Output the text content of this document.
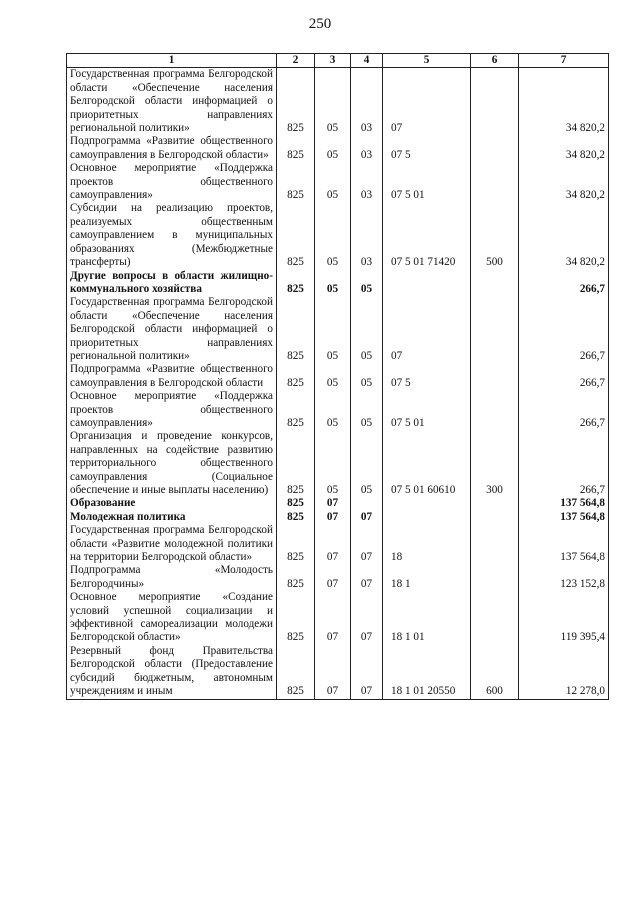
250
1	2	3	4	5	6	7
Государственная программа Белгородской области «Обеспечение населения Белгородской области информацией о приоритетных направлениях региональной политики»	825	05	03	07		34 820,2
Подпрограмма «Развитие общественного самоуправления в Белгородской области»	825	05	03	07 5		34 820,2
Основное мероприятие «Поддержка проектов общественного самоуправления»	825	05	03	07 5 01		34 820,2
Субсидии на реализацию проектов, реализуемых общественным самоуправлением в муниципальных образованиях (Межбюджетные трансферты)	825	05	03	07 5 01 71420	500	34 820,2
Другие вопросы в области жилищно-коммунального хозяйства	825	05	05			266,7
Государственная программа Белгородской области «Обеспечение населения Белгородской области информацией о приоритетных направлениях региональной политики»	825	05	05	07		266,7
Подпрограмма «Развитие общественного самоуправления в Белгородской области	825	05	05	07 5		266,7
Основное мероприятие «Поддержка проектов общественного самоуправления»	825	05	05	07 5 01		266,7
Организация и проведение конкурсов, направленных на содействие развитию территориального общественного самоуправления (Социальное обеспечение и иные выплаты населению)	825	05	05	07 5 01 60610	300	266,7
Образование	825	07				137 564,8
Молодежная политика	825	07	07			137 564,8
Государственная программа Белгородской области «Развитие молодежной политики на территории Белгородской области»	825	07	07	18		137 564,8
Подпрограмма «Молодость Белгородчины»	825	07	07	18 1		123 152,8
Основное мероприятие «Создание условий успешной социализации и эффективной самореализации молодежи Белгородской области»	825	07	07	18 1 01		119 395,4
Резервный фонд Правительства Белгородской области (Предоставление субсидий бюджетным, автономным учреждениям и иным	825	07	07	18 1 01 20550	600	12 278,0
